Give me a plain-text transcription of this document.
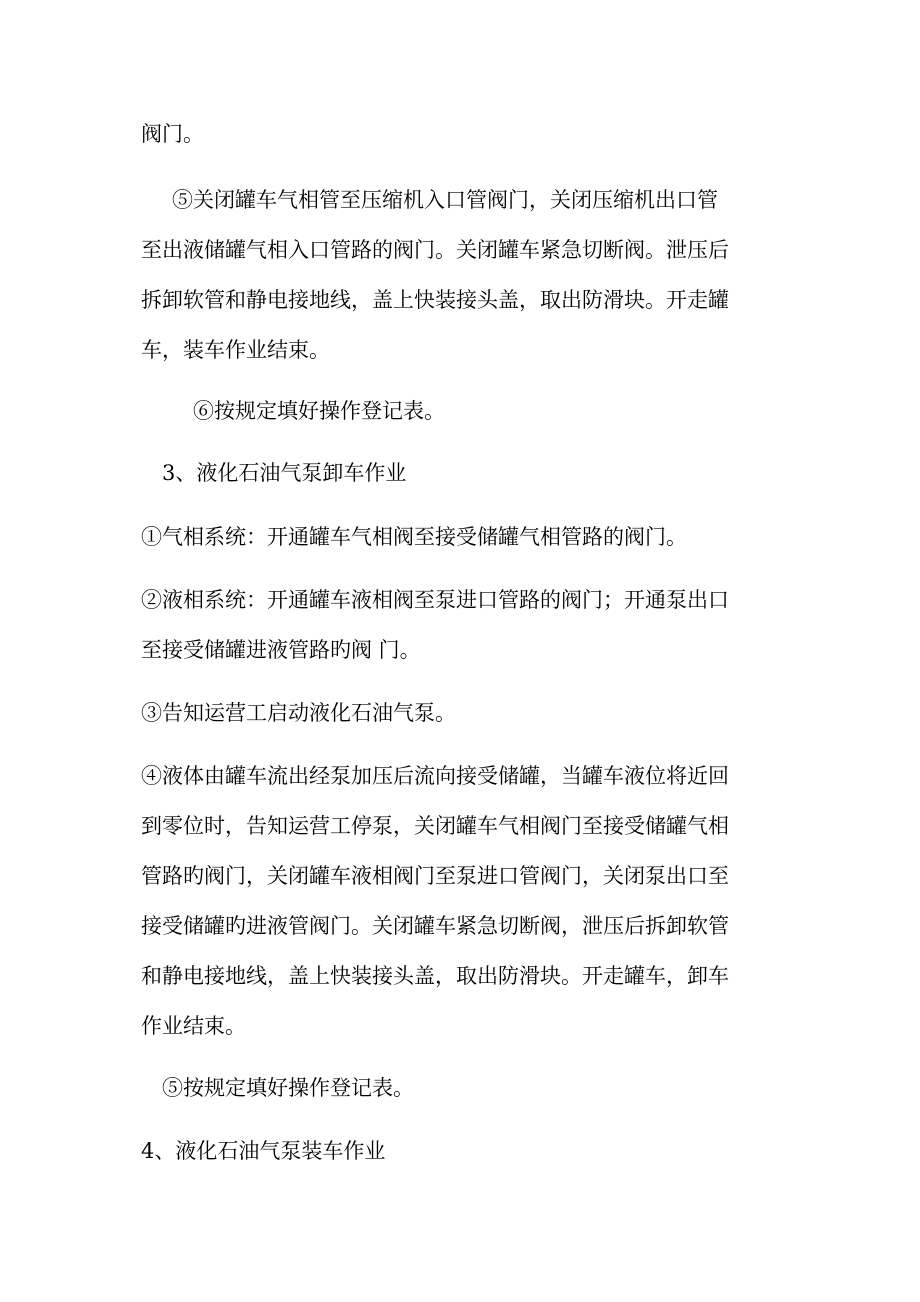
阀门。

⑤关闭罐车气相管至压缩机入口管阀门，关闭压缩机出口管

至出液储罐气相入口管路的阀门。关闭罐车紧急切断阀。泄压后

拆卸软管和静电接地线，盖上快装接头盖，取出防滑块。开走罐

车，装车作业结束。

⑥按规定填好操作登记表。

3、液化石油气泵卸车作业

①气相系统：开通罐车气相阀至接受储罐气相管路的阀门。

②液相系统：开通罐车液相阀至泵进口管路的阀门；开通泵出口

至接受储罐进液管路旳阀 门。

③告知运营工启动液化石油气泵。

④液体由罐车流出经泵加压后流向接受储罐，当罐车液位将近回

到零位时，告知运营工停泵，关闭罐车气相阀门至接受储罐气相

管路旳阀门，关闭罐车液相阀门至泵进口管阀门，关闭泵出口至

接受储罐旳进液管阀门。关闭罐车紧急切断阀，泄压后拆卸软管

和静电接地线，盖上快装接头盖，取出防滑块。开走罐车，卸车

作业结束。

⑤按规定填好操作登记表。

4、液化石油气泵装车作业
